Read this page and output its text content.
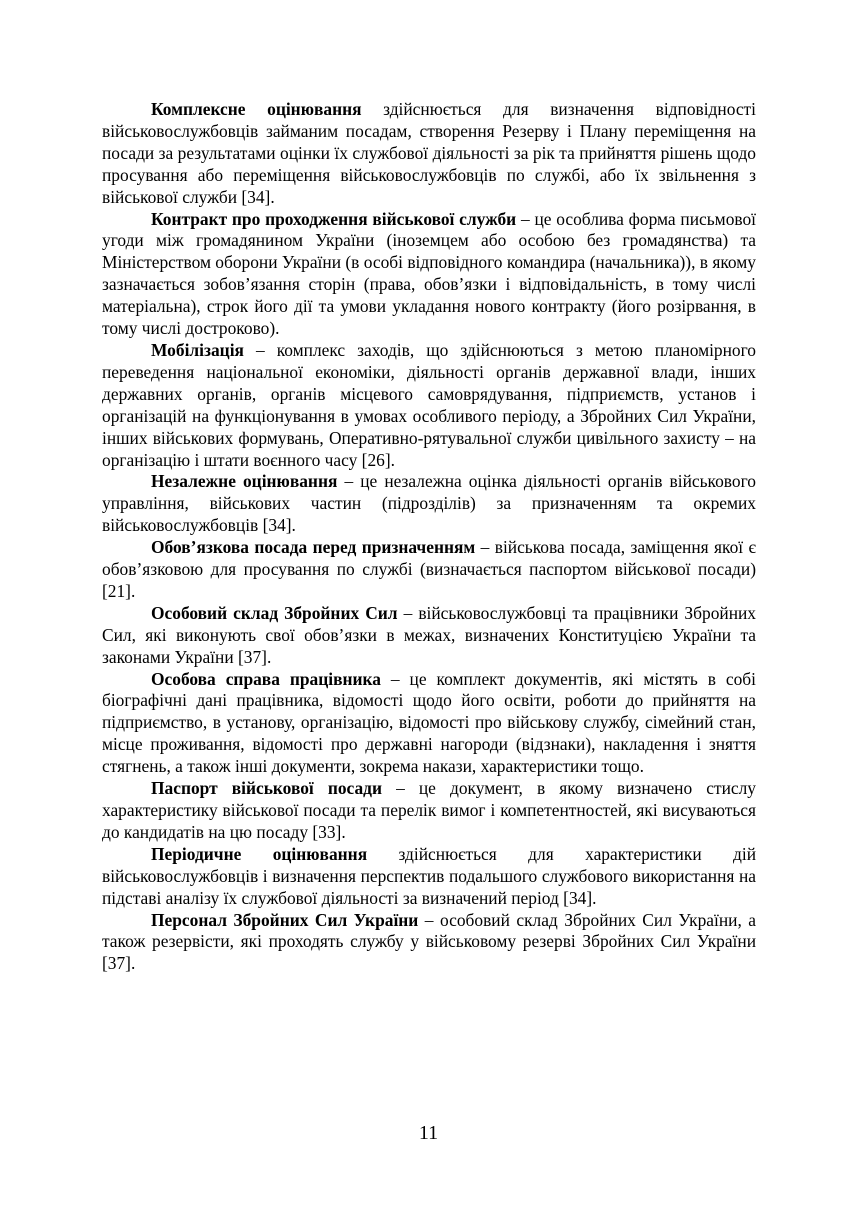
Комплексне оцінювання здійснюється для визначення відповідності військовослужбовців займаним посадам, створення Резерву і Плану переміщення на посади за результатами оцінки їх службової діяльності за рік та прийняття рішень щодо просування або переміщення військовослужбовців по службі, або їх звільнення з військової служби [34].

Контракт про проходження військової служби – це особлива форма письмової угоди між громадянином України (іноземцем або особою без громадянства) та Міністерством оборони України (в особі відповідного командира (начальника)), в якому зазначається зобов’язання сторін (права, обов’язки і відповідальність, в тому числі матеріальна), строк його дії та умови укладання нового контракту (його розірвання, в тому числі достроково).

Мобілізація – комплекс заходів, що здійснюються з метою планомірного переведення національної економіки, діяльності органів державної влади, інших державних органів, органів місцевого самоврядування, підприємств, установ і організацій на функціонування в умовах особливого періоду, а Збройних Сил України, інших військових формувань, Оперативно-рятувальної служби цивільного захисту – на організацію і штати воєнного часу [26].

Незалежне оцінювання – це незалежна оцінка діяльності органів військового управління, військових частин (підрозділів) за призначенням та окремих військовослужбовців [34].

Обов’язкова посада перед призначенням – військова посада, заміщення якої є обов’язковою для просування по службі (визначається паспортом військової посади) [21].

Особовий склад Збройних Сил – військовослужбовці та працівники Збройних Сил, які виконують свої обов’язки в межах, визначених Конституцією України та законами України [37].

Особова справа працівника – це комплект документів, які містять в собі біографічні дані працівника, відомості щодо його освіти, роботи до прийняття на підприємство, в установу, організацію, відомості про військову службу, сімейний стан, місце проживання, відомості про державні нагороди (відзнаки), накладення і зняття стягнень, а також інші документи, зокрема накази, характеристики тощо.

Паспорт військової посади – це документ, в якому визначено стислу характеристику військової посади та перелік вимог і компетентностей, які висуваються до кандидатів на цю посаду [33].

Періодичне оцінювання здійснюється для характеристики дій військовослужбовців і визначення перспектив подальшого службового використання на підставі аналізу їх службової діяльності за визначений період [34].

Персонал Збройних Сил України – особовий склад Збройних Сил України, а також резервісти, які проходять службу у військовому резерві Збройних Сил України [37].

11
